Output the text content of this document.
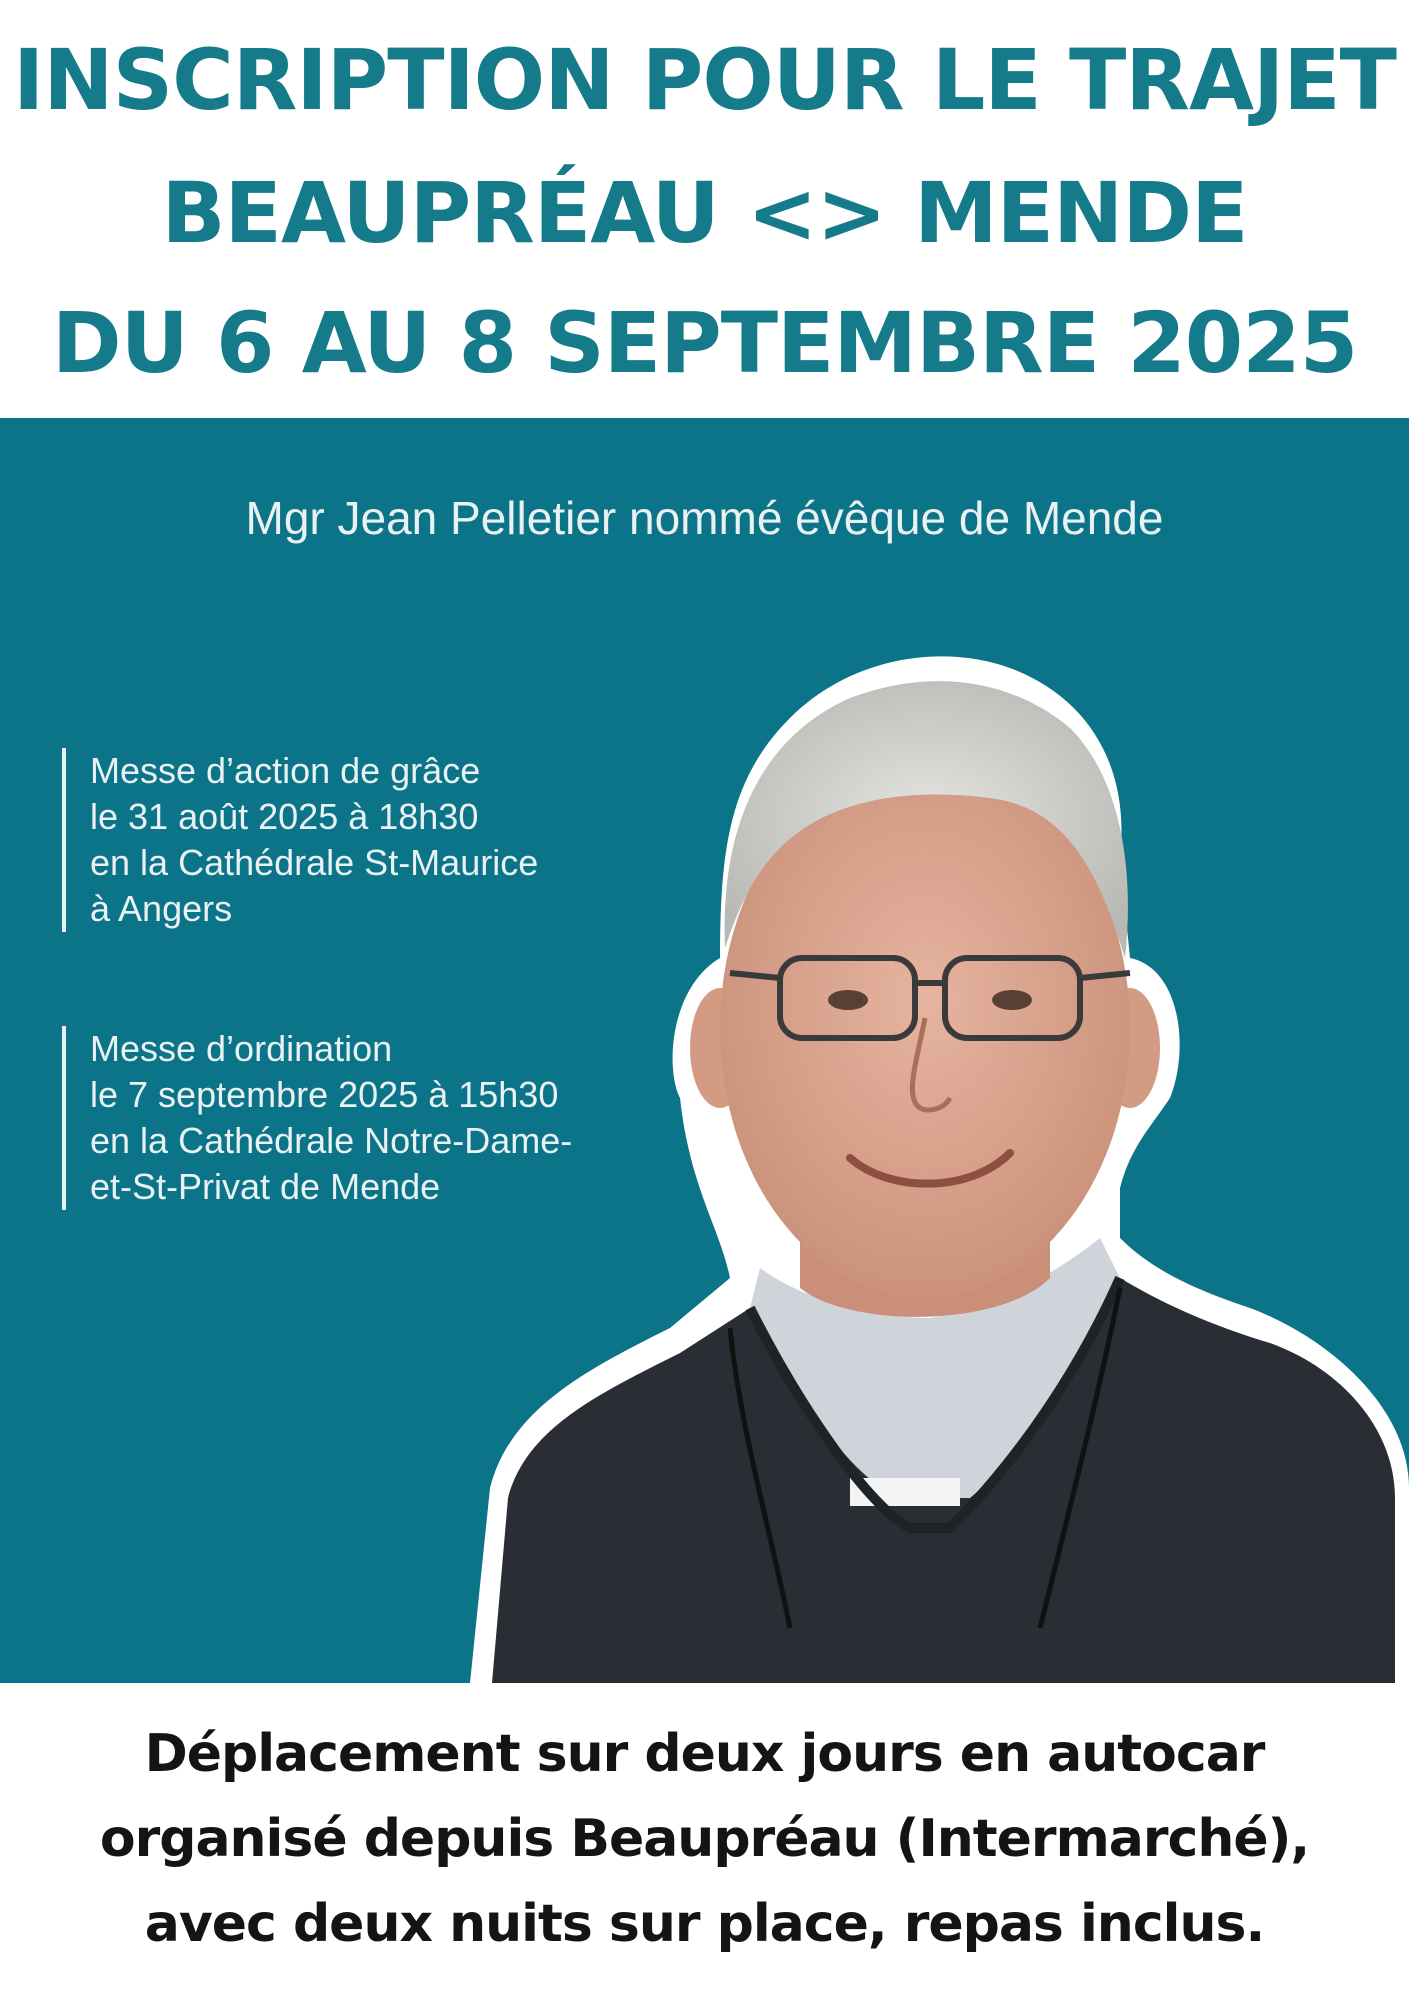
INSCRIPTION POUR LE TRAJET
BEAUPRÉAU <> MENDE
DU 6 AU 8 SEPTEMBRE 2025
Mgr Jean Pelletier nommé évêque de Mende
Messe d’action de grâce
le 31 août 2025 à 18h30
en la Cathédrale St-Maurice
à Angers
Messe d’ordination
le 7 septembre 2025 à 15h30
en la Cathédrale Notre-Dame-
et-St-Privat de Mende
Déplacement sur deux jours en autocar
organisé depuis Beaupréau (Intermarché),
avec deux nuits sur place, repas inclus.
